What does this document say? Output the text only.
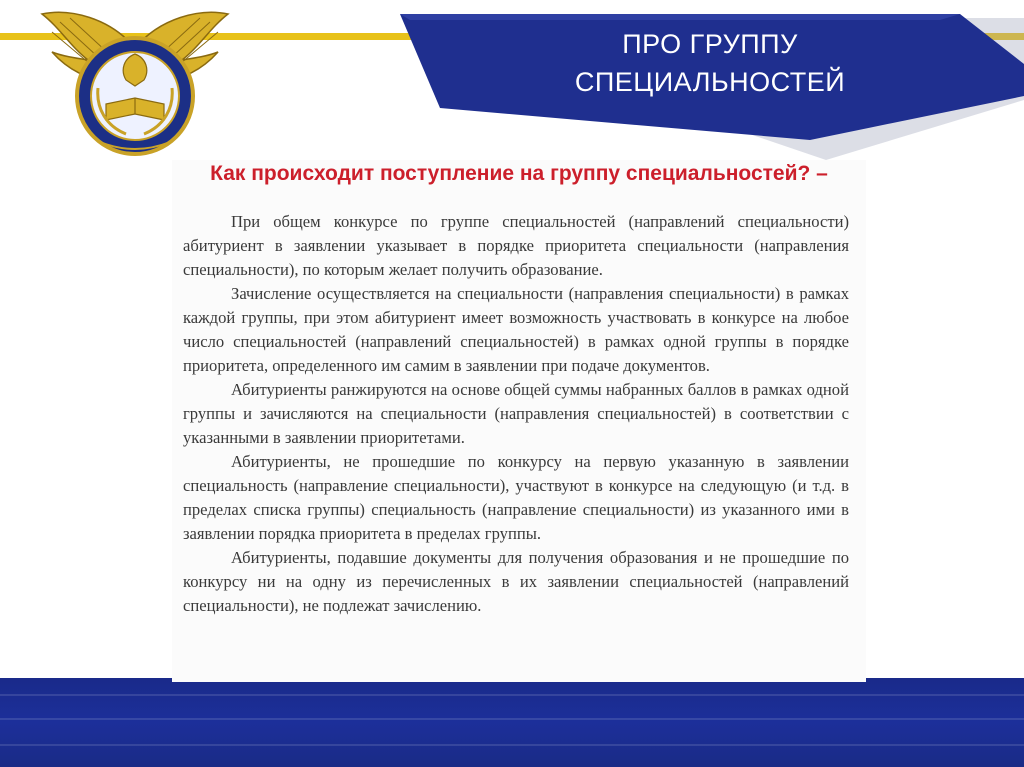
ПРО ГРУППУ
СПЕЦИАЛЬНОСТЕЙ
Как происходит поступление на группу специальностей? –

При общем конкурсе по группе специальностей (направлений специальности) абитуриент в заявлении указывает в порядке приоритета специальности (направления специальности), по которым желает получить образование.

Зачисление осуществляется на специальности (направления специальности) в рамках каждой группы, при этом абитуриент имеет возможность участвовать в конкурсе на любое число специальностей (направлений специальностей) в рамках одной группы в порядке приоритета, определенного им самим в заявлении при подаче документов.

Абитуриенты ранжируются на основе общей суммы набранных баллов в рамках одной группы и зачисляются на специальности (направления специальностей) в соответствии с указанными в заявлении приоритетами.

Абитуриенты, не прошедшие по конкурсу на первую указанную в заявлении специальность (направление специальности), участвуют в конкурсе на следующую (и т.д. в пределах списка группы) специальность (направление специальности) из указанного ими в заявлении порядка приоритета в пределах группы.

Абитуриенты, подавшие документы для получения образования и не прошедшие по конкурсу ни на одну из перечисленных в их заявлении специальностей (направлений специальности), не подлежат зачислению.
